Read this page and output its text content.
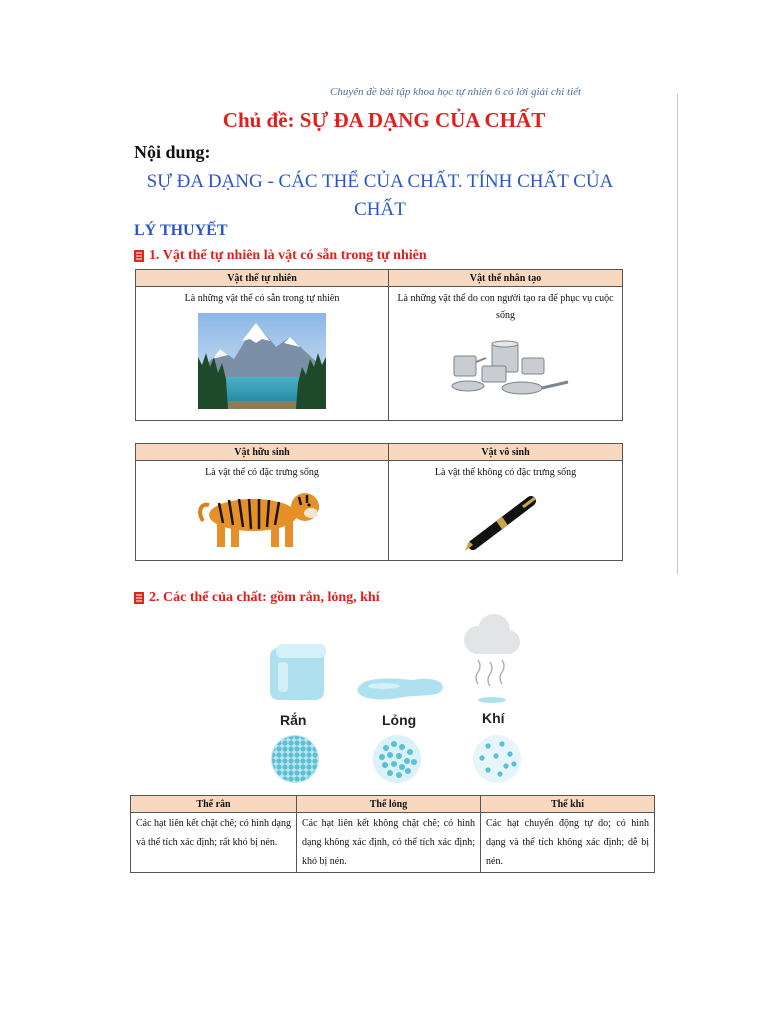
Chuyên đề bài tập khoa học tự nhiên 6 có lời giải chi tiết
Chủ đề: SỰ ĐA DẠNG CỦA CHẤT
Nội dung:
SỰ ĐA DẠNG - CÁC THỂ CỦA CHẤT. TÍNH CHẤT CỦA CHẤT
LÝ THUYẾT
1. Vật thể tự nhiên là vật có sẵn trong tự nhiên
Vật thể tự nhiên	Vật thể nhân tạo
Là những vật thể có sẵn trong tự nhiên	Là những vật thể do con người tạo ra để phục vụ cuộc sống
Vật hữu sinh	Vật vô sinh
Là vật thể có đặc trưng sống	Là vật thể không có đặc trưng sống
2. Các thể của chất: gồm rắn, lỏng, khí
Rắn	Lỏng	Khí
Thể rắn	Thể lỏng	Thể khí
Các hạt liên kết chặt chẽ; có hình dạng và thể tích xác định; rất khó bị nén.	Các hạt liên kết không chặt chẽ; có hình dạng không xác định, có thể tích xác định; khó bị nén.	Các hạt chuyển động tự do; có hình dạng và thể tích không xác định; dễ bị nén.
